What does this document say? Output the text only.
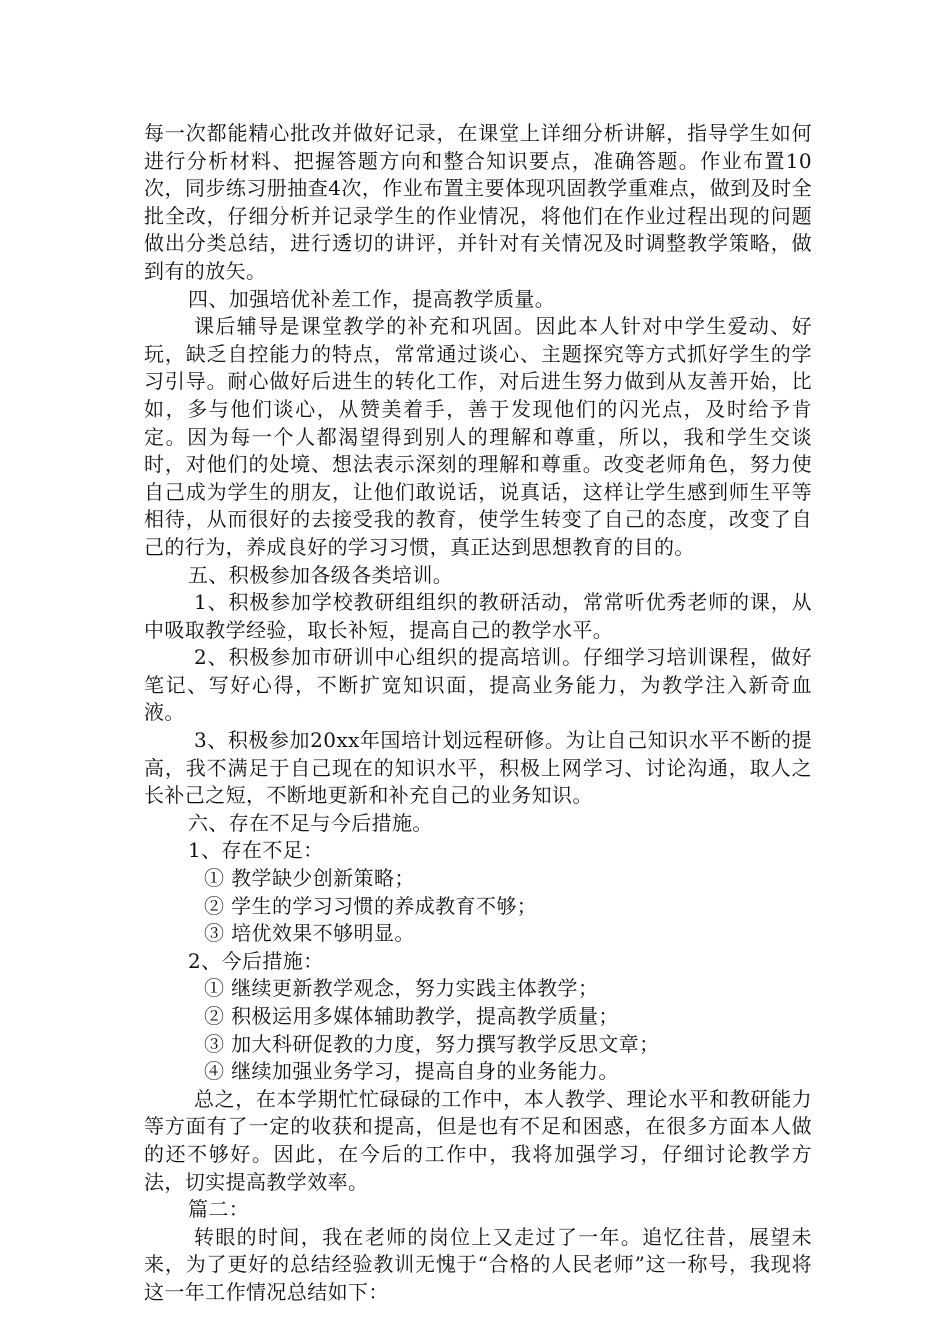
每一次都能精心批改并做好记录，在课堂上详细分析讲解，指导学生如何进行分析材料、把握答题方向和整合知识要点，准确答题。作业布置10次，同步练习册抽查4次，作业布置主要体现巩固教学重难点，做到及时全批全改，仔细分析并记录学生的作业情况，将他们在作业过程出现的问题做出分类总结，进行透切的讲评，并针对有关情况及时调整教学策略，做到有的放矢。

四、加强培优补差工作，提高教学质量。

课后辅导是课堂教学的补充和巩固。因此本人针对中学生爱动、好玩，缺乏自控能力的特点，常常通过谈心、主题探究等方式抓好学生的学习引导。耐心做好后进生的转化工作，对后进生努力做到从友善开始，比如，多与他们谈心，从赞美着手，善于发现他们的闪光点，及时给予肯定。因为每一个人都渴望得到别人的理解和尊重，所以，我和学生交谈时，对他们的处境、想法表示深刻的理解和尊重。改变老师角色，努力使自己成为学生的朋友，让他们敢说话，说真话，这样让学生感到师生平等相待，从而很好的去接受我的教育，使学生转变了自己的态度，改变了自己的行为，养成良好的学习习惯，真正达到思想教育的目的。

五、积极参加各级各类培训。

1、积极参加学校教研组组织的教研活动，常常听优秀老师的课，从中吸取教学经验，取长补短，提高自己的教学水平。

2、积极参加市研训中心组织的提高培训。仔细学习培训课程，做好笔记、写好心得，不断扩宽知识面，提高业务能力，为教学注入新奇血液。

3、积极参加20xx年国培计划远程研修。为让自己知识水平不断的提高，我不满足于自己现在的知识水平，积极上网学习、讨论沟通，取人之长补己之短，不断地更新和补充自己的业务知识。

六、存在不足与今后措施。

1、存在不足：

① 教学缺少创新策略；

② 学生的学习习惯的养成教育不够；

③ 培优效果不够明显。

2、今后措施：

① 继续更新教学观念，努力实践主体教学；

② 积极运用多媒体辅助教学，提高教学质量；

③ 加大科研促教的力度，努力撰写教学反思文章；

④ 继续加强业务学习，提高自身的业务能力。

总之，在本学期忙忙碌碌的工作中，本人教学、理论水平和教研能力等方面有了一定的收获和提高，但是也有不足和困惑，在很多方面本人做的还不够好。因此，在今后的工作中，我将加强学习，仔细讨论教学方法，切实提高教学效率。

篇二：

转眼的时间，我在老师的岗位上又走过了一年。追忆往昔，展望未来，为了更好的总结经验教训无愧于“合格的人民老师”这一称号，我现将这一年工作情况总结如下：
